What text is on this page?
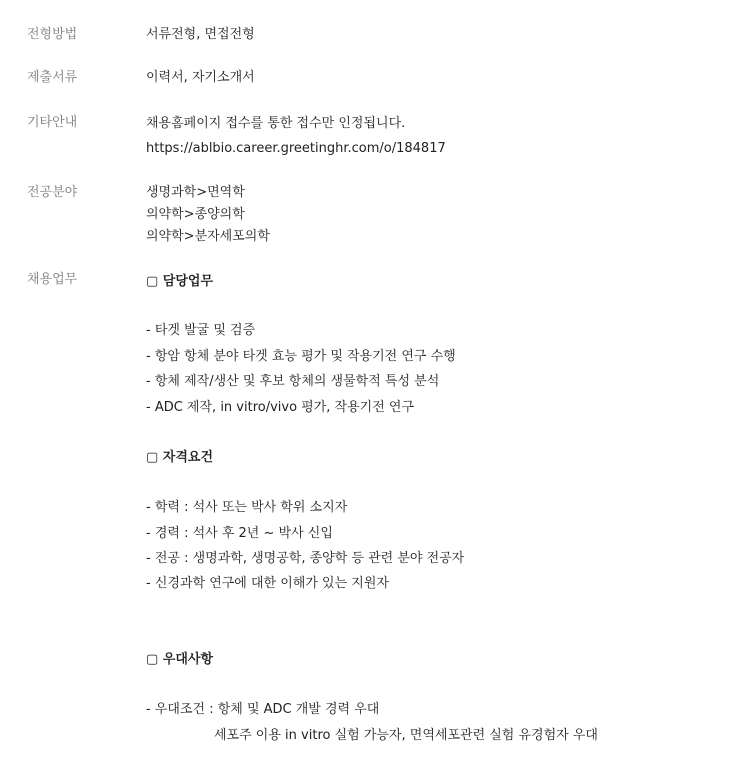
전형방법	서류전형, 면접전형
제출서류	이력서, 자기소개서
기타안내	채용홈페이지 접수를 통한 접수만 인정됩니다.
https://ablbio.career.greetinghr.com/o/184817
전공분야	생명과학>면역학
의약학>종양의학
의약학>분자세포의학
채용업무	▢ 담당업무
- 타겟 발굴 및 검증
- 항암 항체 분야 타겟 효능 평가 및 작용기전 연구 수행
- 항체 제작/생산 및 후보 항체의 생물학적 특성 분석
- ADC 제작, in vitro/vivo 평가, 작용기전 연구
▢ 자격요건
- 학력 : 석사 또는 박사 학위 소지자
- 경력 : 석사 후 2년 ~ 박사 신입
- 전공 : 생명과학, 생명공학, 종양학 등 관련 분야 전공자
- 신경과학 연구에 대한 이해가 있는 지원자
▢ 우대사항
- 우대조건 : 항체 및 ADC 개발 경력 우대
세포주 이용 in vitro 실험 가능자, 면역세포관련 실험 유경험자 우대
